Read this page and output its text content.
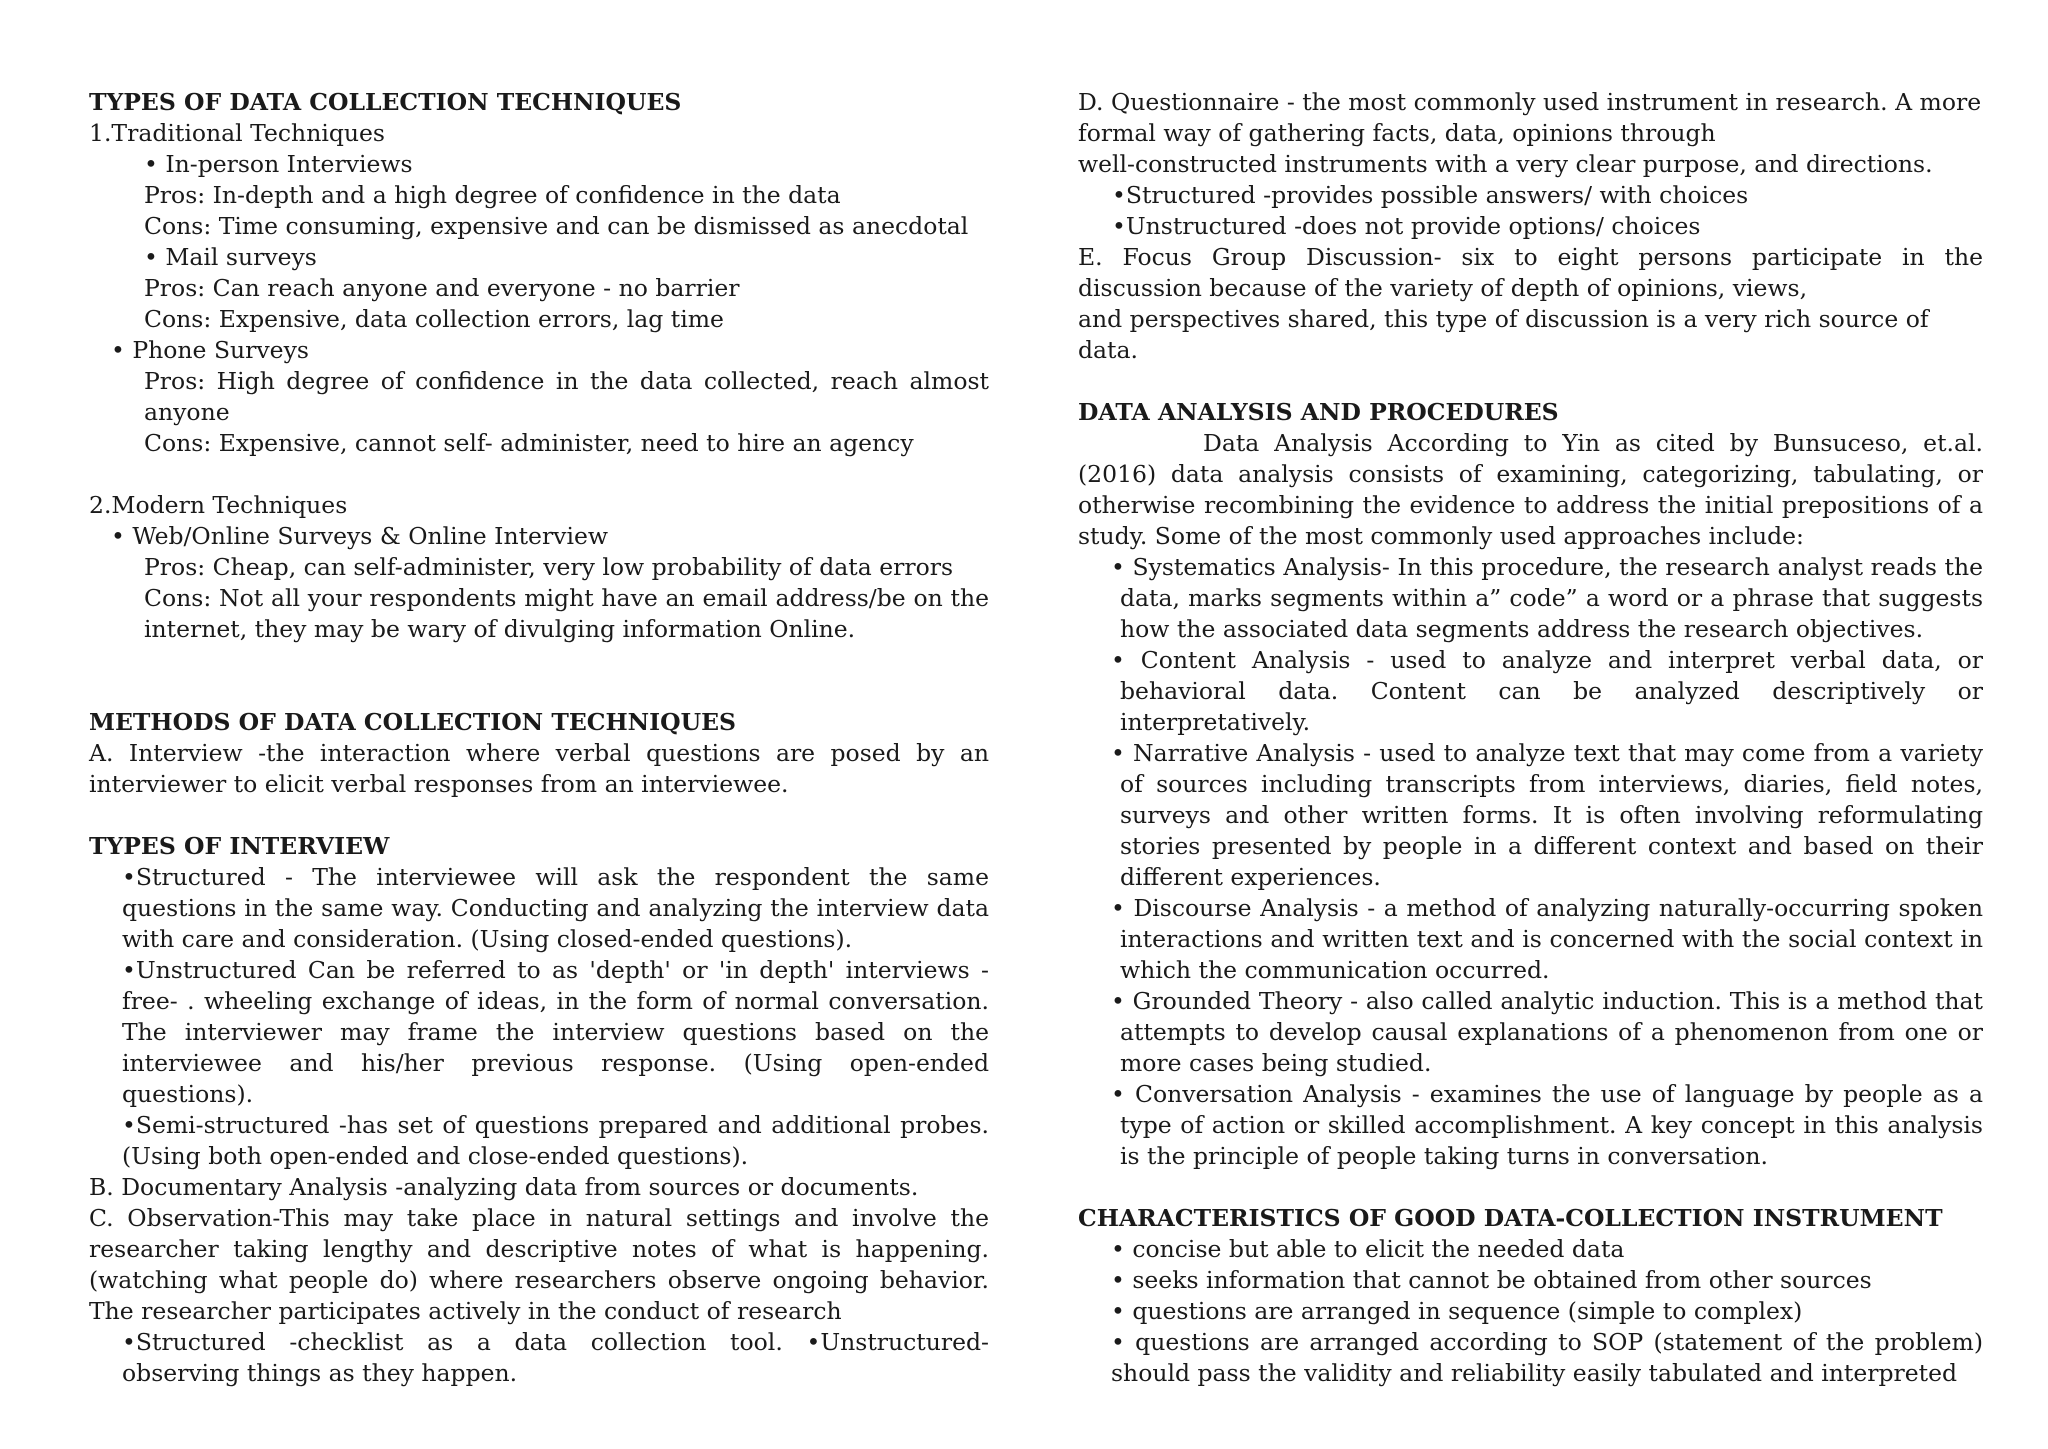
TYPES OF DATA COLLECTION TECHNIQUES

1.Traditional Techniques

• In-person Interviews

Pros: In-depth and a high degree of confidence in the data

Cons: Time consuming, expensive and can be dismissed as anecdotal

• Mail surveys

Pros: Can reach anyone and everyone - no barrier

Cons: Expensive, data collection errors, lag time

• Phone Surveys

Pros: High degree of confidence in the data collected, reach almost anyone

Cons: Expensive, cannot self- administer, need to hire an agency

2.Modern Techniques

• Web/Online Surveys & Online Interview

Pros: Cheap, can self-administer, very low probability of data errors

Cons: Not all your respondents might have an email address/be on the internet, they may be wary of divulging information Online.

METHODS OF DATA COLLECTION TECHNIQUES

A. Interview -the interaction where verbal questions are posed by an interviewer to elicit verbal responses from an interviewee.

TYPES OF INTERVIEW

•Structured - The interviewee will ask the respondent the same questions in the same way. Conducting and analyzing the interview data with care and consideration. (Using closed-ended questions).

•Unstructured Can be referred to as 'depth' or 'in depth' interviews -free- . wheeling exchange of ideas, in the form of normal conversation. The interviewer may frame the interview questions based on the interviewee and his/her previous response. (Using open-ended questions).

•Semi-structured -has set of questions prepared and additional probes. (Using both open-ended and close-ended questions).

B. Documentary Analysis -analyzing data from sources or documents.

C. Observation-This may take place in natural settings and involve the researcher taking lengthy and descriptive notes of what is happening. (watching what people do) where researchers observe ongoing behavior. The researcher participates actively in the conduct of research

•Structured -checklist as a data collection tool. •Unstructured-observing things as they happen.

D. Questionnaire - the most commonly used instrument in research. A more formal way of gathering facts, data, opinions through

well-constructed instruments with a very clear purpose, and directions.

•Structured -provides possible answers/ with choices

•Unstructured -does not provide options/ choices

E. Focus Group Discussion- six to eight persons participate in the discussion because of the variety of depth of opinions, views,

and perspectives shared, this type of discussion is a very rich source of data.

DATA ANALYSIS AND PROCEDURES

Data Analysis According to Yin as cited by Bunsuceso, et.al. (2016) data analysis consists of examining, categorizing, tabulating, or otherwise recombining the evidence to address the initial prepositions of a study. Some of the most commonly used approaches include:

• Systematics Analysis- In this procedure, the research analyst reads the data, marks segments within a” code” a word or a phrase that suggests how the associated data segments address the research objectives.

• Content Analysis - used to analyze and interpret verbal data, or behavioral data. Content can be analyzed descriptively or interpretatively.

• Narrative Analysis - used to analyze text that may come from a variety of sources including transcripts from interviews, diaries, field notes, surveys and other written forms. It is often involving reformulating stories presented by people in a different context and based on their different experiences.

• Discourse Analysis - a method of analyzing naturally-occurring spoken interactions and written text and is concerned with the social context in which the communication occurred.

• Grounded Theory - also called analytic induction. This is a method that attempts to develop causal explanations of a phenomenon from one or more cases being studied.

• Conversation Analysis - examines the use of language by people as a type of action or skilled accomplishment. A key concept in this analysis is the principle of people taking turns in conversation.

CHARACTERISTICS OF GOOD DATA-COLLECTION INSTRUMENT

• concise but able to elicit the needed data

• seeks information that cannot be obtained from other sources

• questions are arranged in sequence (simple to complex)

• questions are arranged according to SOP (statement of the problem) should pass the validity and reliability easily tabulated and interpreted
